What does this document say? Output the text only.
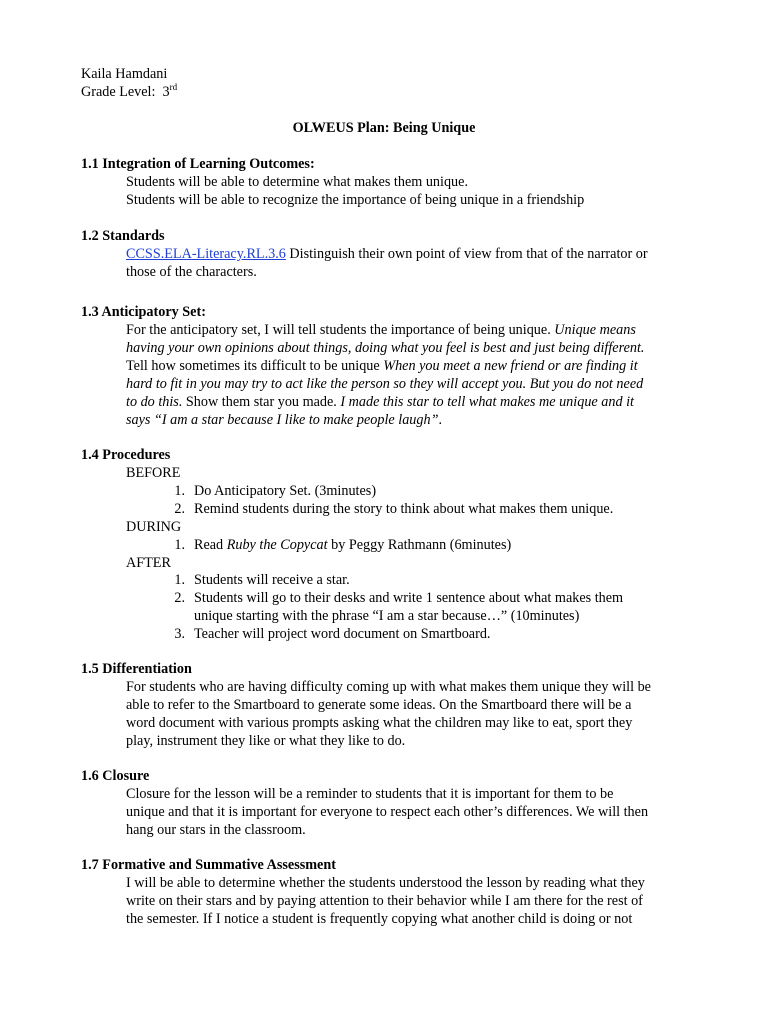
Kaila Hamdani

Grade Level: 3rd

OLWEUS Plan: Being Unique

1.1 Integration of Learning Outcomes:

Students will be able to determine what makes them unique.

Students will be able to recognize the importance of being unique in a friendship

1.2 Standards

CCSS.ELA-Literacy.RL.3.6 Distinguish their own point of view from that of the narrator or

those of the characters.

1.3 Anticipatory Set:

For the anticipatory set, I will tell students the importance of being unique. Unique means

having your own opinions about things, doing what you feel is best and just being different.

Tell how sometimes its difficult to be unique When you meet a new friend or are finding it

hard to fit in you may try to act like the person so they will accept you. But you do not need

to do this. Show them star you made. I made this star to tell what makes me unique and it

says “I am a star because I like to make people laugh”.

1.4 Procedures

BEFORE

1. Do Anticipatory Set. (3minutes)

2. Remind students during the story to think about what makes them unique.

DURING

1. Read Ruby the Copycat by Peggy Rathmann (6minutes)

AFTER

1. Students will receive a star.

2. Students will go to their desks and write 1 sentence about what makes them

unique starting with the phrase “I am a star because…” (10minutes)

3. Teacher will project word document on Smartboard.

1.5 Differentiation

For students who are having difficulty coming up with what makes them unique they will be

able to refer to the Smartboard to generate some ideas. On the Smartboard there will be a

word document with various prompts asking what the children may like to eat, sport they

play, instrument they like or what they like to do.

1.6 Closure

Closure for the lesson will be a reminder to students that it is important for them to be

unique and that it is important for everyone to respect each other’s differences. We will then

hang our stars in the classroom.

1.7 Formative and Summative Assessment

I will be able to determine whether the students understood the lesson by reading what they

write on their stars and by paying attention to their behavior while I am there for the rest of

the semester. If I notice a student is frequently copying what another child is doing or not
